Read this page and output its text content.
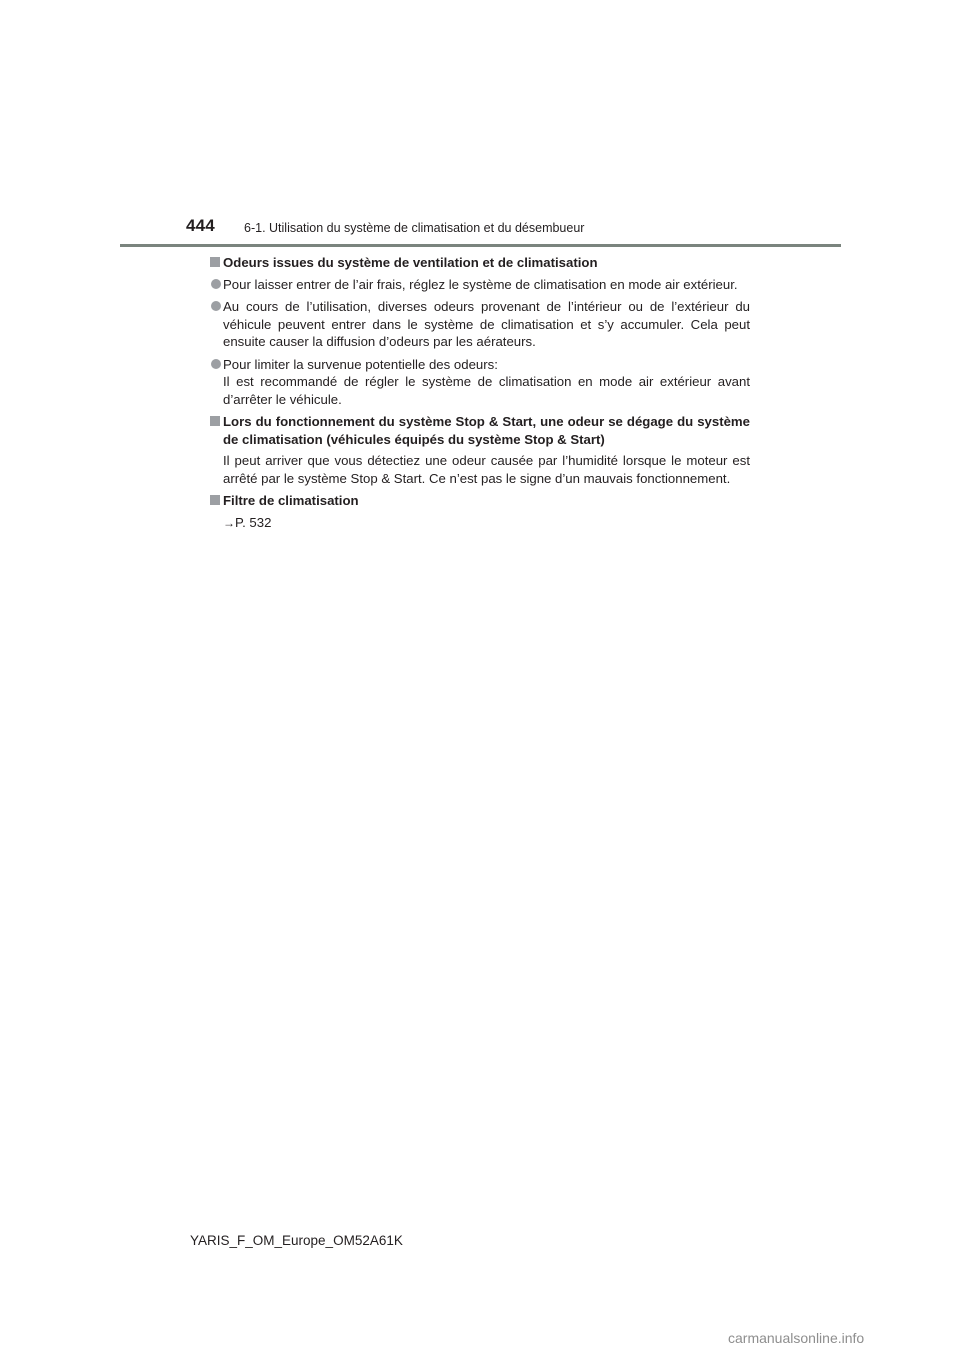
444 6-1. Utilisation du système de climatisation et du désembueur
Odeurs issues du système de ventilation et de climatisation
Pour laisser entrer de l’air frais, réglez le système de climatisation en mode air extérieur.
Au cours de l’utilisation, diverses odeurs provenant de l’intérieur ou de l’extérieur du véhicule peuvent entrer dans le système de climatisation et s’y accumuler. Cela peut ensuite causer la diffusion d’odeurs par les aérateurs.
Pour limiter la survenue potentielle des odeurs:
Il est recommandé de régler le système de climatisation en mode air extérieur avant d’arrêter le véhicule.
Lors du fonctionnement du système Stop & Start, une odeur se dégage du système de climatisation (véhicules équipés du système Stop & Start)
Il peut arriver que vous détectiez une odeur causée par l’humidité lorsque le moteur est arrêté par le système Stop & Start. Ce n’est pas le signe d’un mauvais fonctionnement.
Filtre de climatisation
→P. 532
YARIS_F_OM_Europe_OM52A61K
carmanualsonline.info
